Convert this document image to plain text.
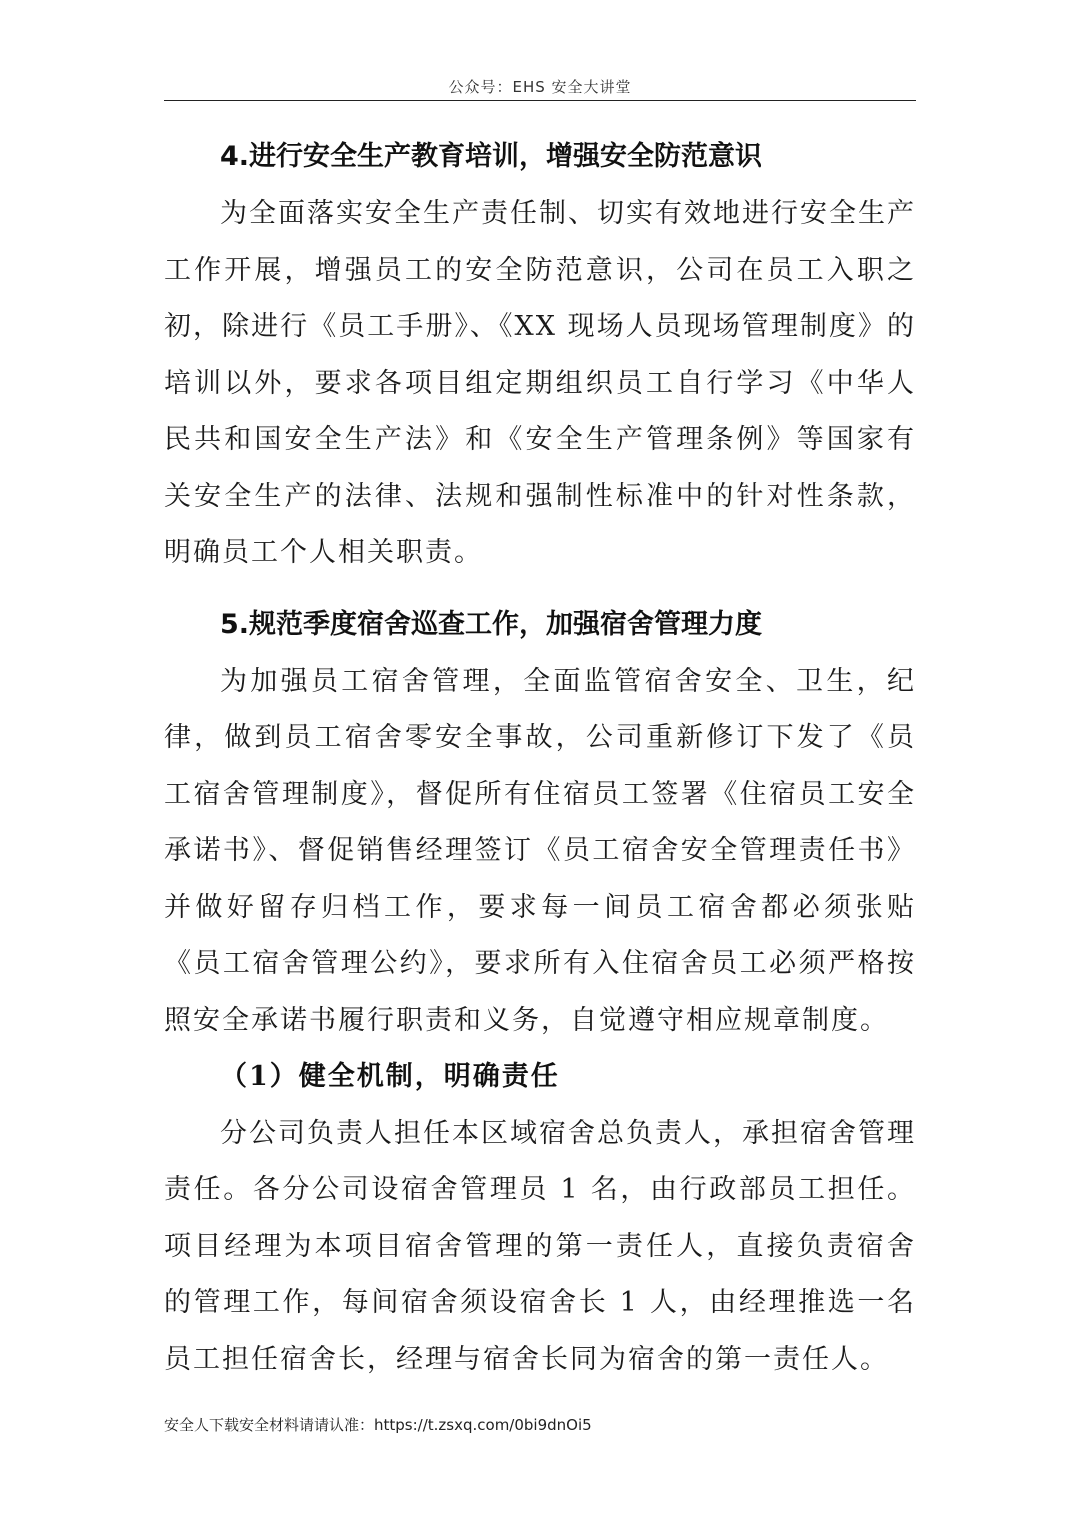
公众号：EHS 安全大讲堂
4.进行安全生产教育培训，增强安全防范意识

为全面落实安全生产责任制、切实有效地进行安全生产工作开展，增强员工的安全防范意识，公司在员工入职之初，除进行《员工手册》、《XX 现场人员现场管理制度》的培训以外，要求各项目组定期组织员工自行学习《中华人民共和国安全生产法》和《安全生产管理条例》等国家有关安全生产的法律、法规和强制性标准中的针对性条款，明确员工个人相关职责。

5.规范季度宿舍巡查工作，加强宿舍管理力度

为加强员工宿舍管理，全面监管宿舍安全、卫生，纪律，做到员工宿舍零安全事故，公司重新修订下发了《员工宿舍管理制度》，督促所有住宿员工签署《住宿员工安全承诺书》、督促销售经理签订《员工宿舍安全管理责任书》并做好留存归档工作，要求每一间员工宿舍都必须张贴《员工宿舍管理公约》，要求所有入住宿舍员工必须严格按照安全承诺书履行职责和义务，自觉遵守相应规章制度。

（1）健全机制，明确责任

分公司负责人担任本区域宿舍总负责人，承担宿舍管理责任。各分公司设宿舍管理员 1 名，由行政部员工担任。项目经理为本项目宿舍管理的第一责任人，直接负责宿舍的管理工作，每间宿舍须设宿舍长 1 人，由经理推选一名员工担任宿舍长，经理与宿舍长同为宿舍的第一责任人。

安全人下载安全材料请请认准：https://t.zsxq.com/0bi9dnOi5
